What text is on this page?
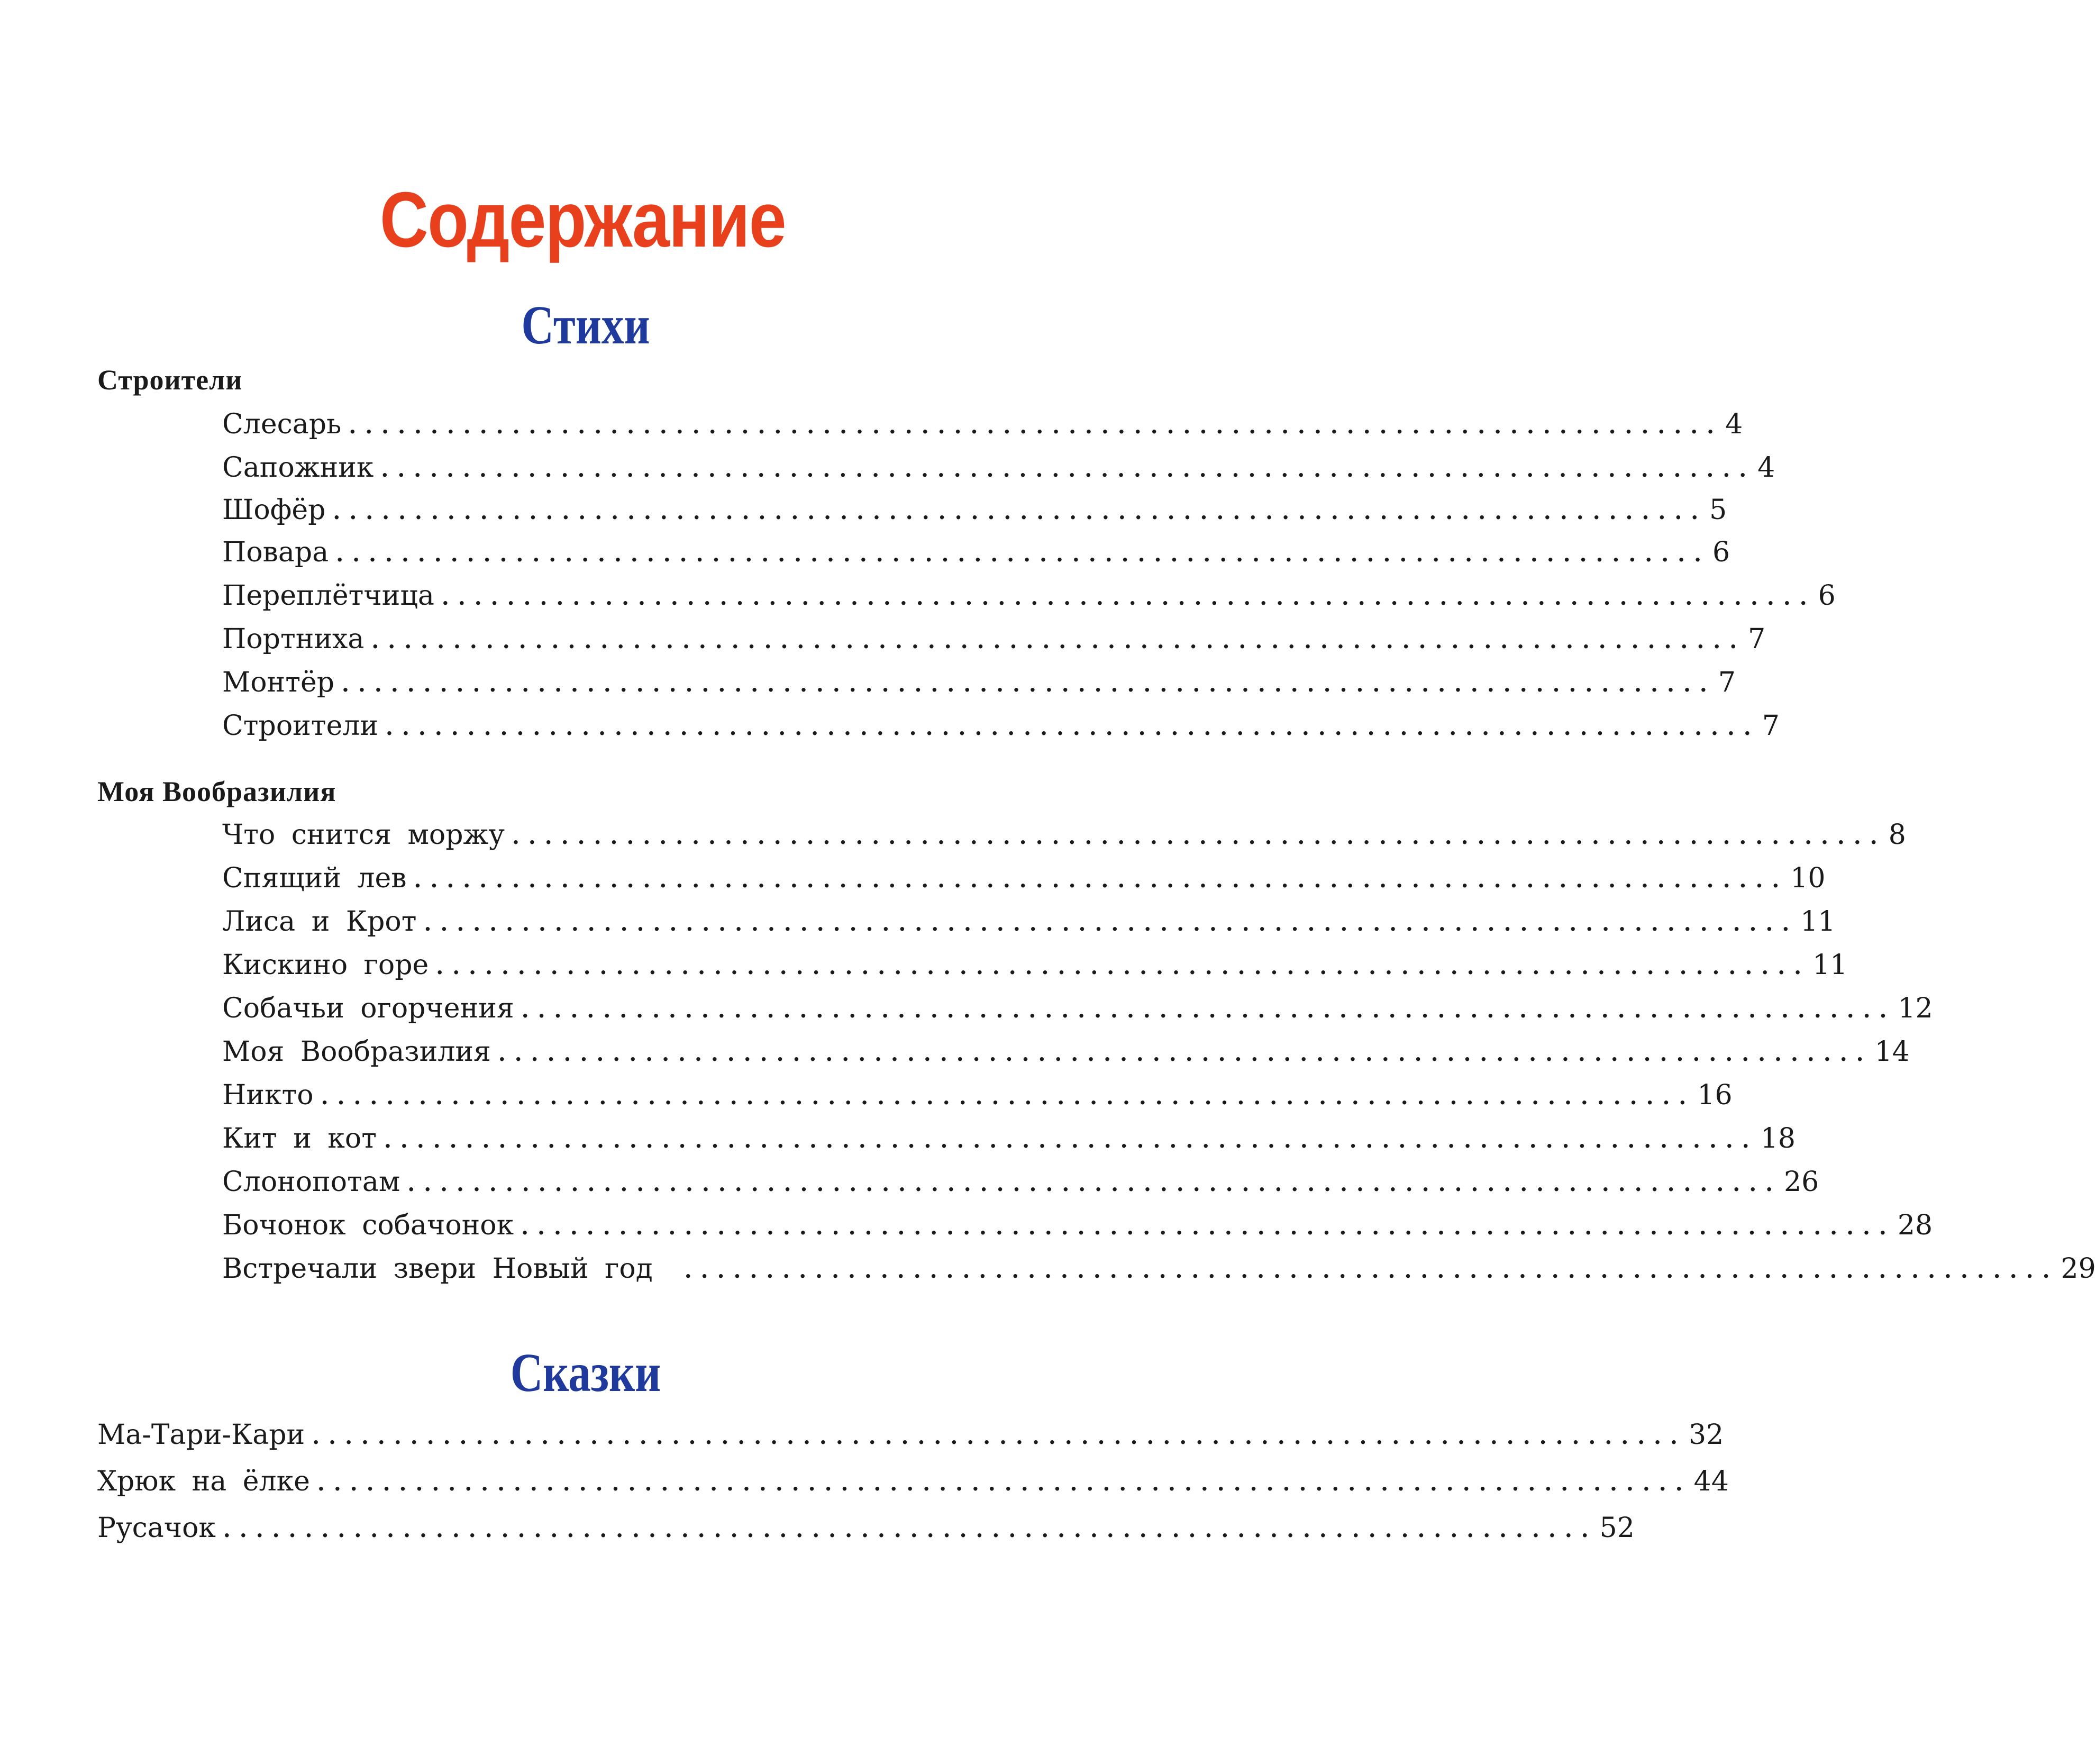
Содержание
Стихи
Строители
Слесарь .................................................................................... 4
Сапожник .................................................................................... 4
Шофёр .................................................................................... 5
Повара .................................................................................... 6
Переплётчица .................................................................................... 6
Портниха .................................................................................... 7
Монтёр .................................................................................... 7
Строители .................................................................................... 7
Моя Вообразилия
Что снится моржу .................................................................................... 8
Спящий лев .................................................................................... 10
Лиса и Крот .................................................................................... 11
Кискино горе .................................................................................... 11
Собачьи огорчения .................................................................................... 12
Моя Вообразилия .................................................................................... 14
Никто .................................................................................... 16
Кит и кот .................................................................................... 18
Слонопотам .................................................................................... 26
Бочонок собачонок .................................................................................... 28
Встречали звери Новый год .................................................................................... 29
Сказки
Ма-Тари-Кари .................................................................................... 32
Хрюк на ёлке .................................................................................... 44
Русачок .................................................................................... 52
